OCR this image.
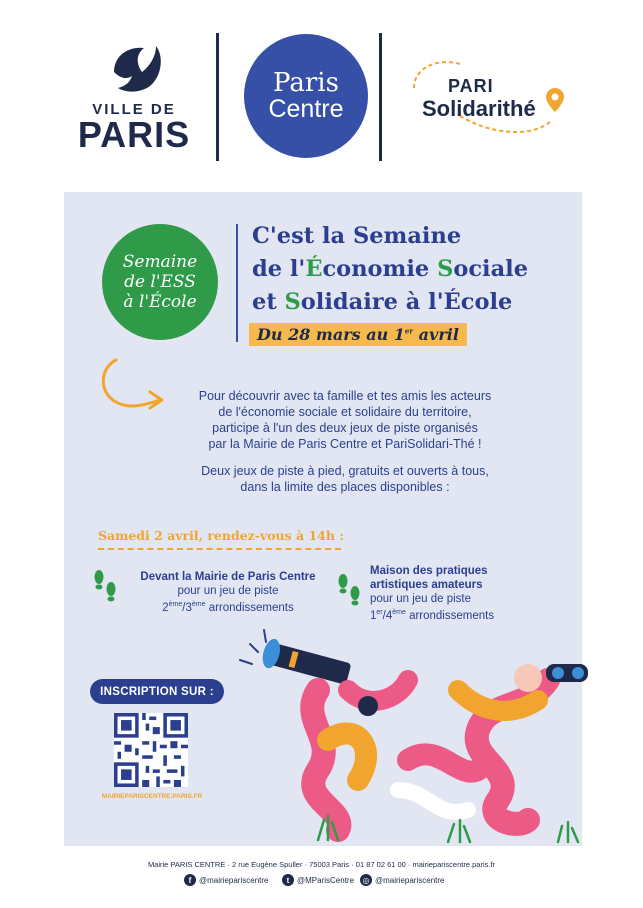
VILLE DE
PARIS
Paris
Centre
PARI
Solidarithé
Semaine
de l'ESS
à l'École
C'est la Semaine
de l'Économie Sociale
et Solidaire à l'École
Du 28 mars au 1er avril
Pour découvrir avec ta famille et tes amis les acteurs
de l'économie sociale et solidaire du territoire,
participe à l'un des deux jeux de piste organisés
par la Mairie de Paris Centre et PariSolidari-Thé !
Deux jeux de piste à pied, gratuits et ouverts à tous,
dans la limite des places disponibles :
Samedi 2 avril, rendez-vous à 14h :
Devant la Mairie de Paris Centre
pour un jeu de piste
2ème/3ème arrondissements
Maison des pratiques
artistiques amateurs
pour un jeu de piste
1er/4ème arrondissements
INSCRIPTION SUR :
MAIRIEPARISCENTRE.PARIS.FR
Mairie PARIS CENTRE · 2 rue Eugène Spuller · 75003 Paris · 01 87 02 61 00 · mairiepariscentre.paris.fr
f @mairiepariscentre	t @MParisCentre	◎ @mairiepariscentre
